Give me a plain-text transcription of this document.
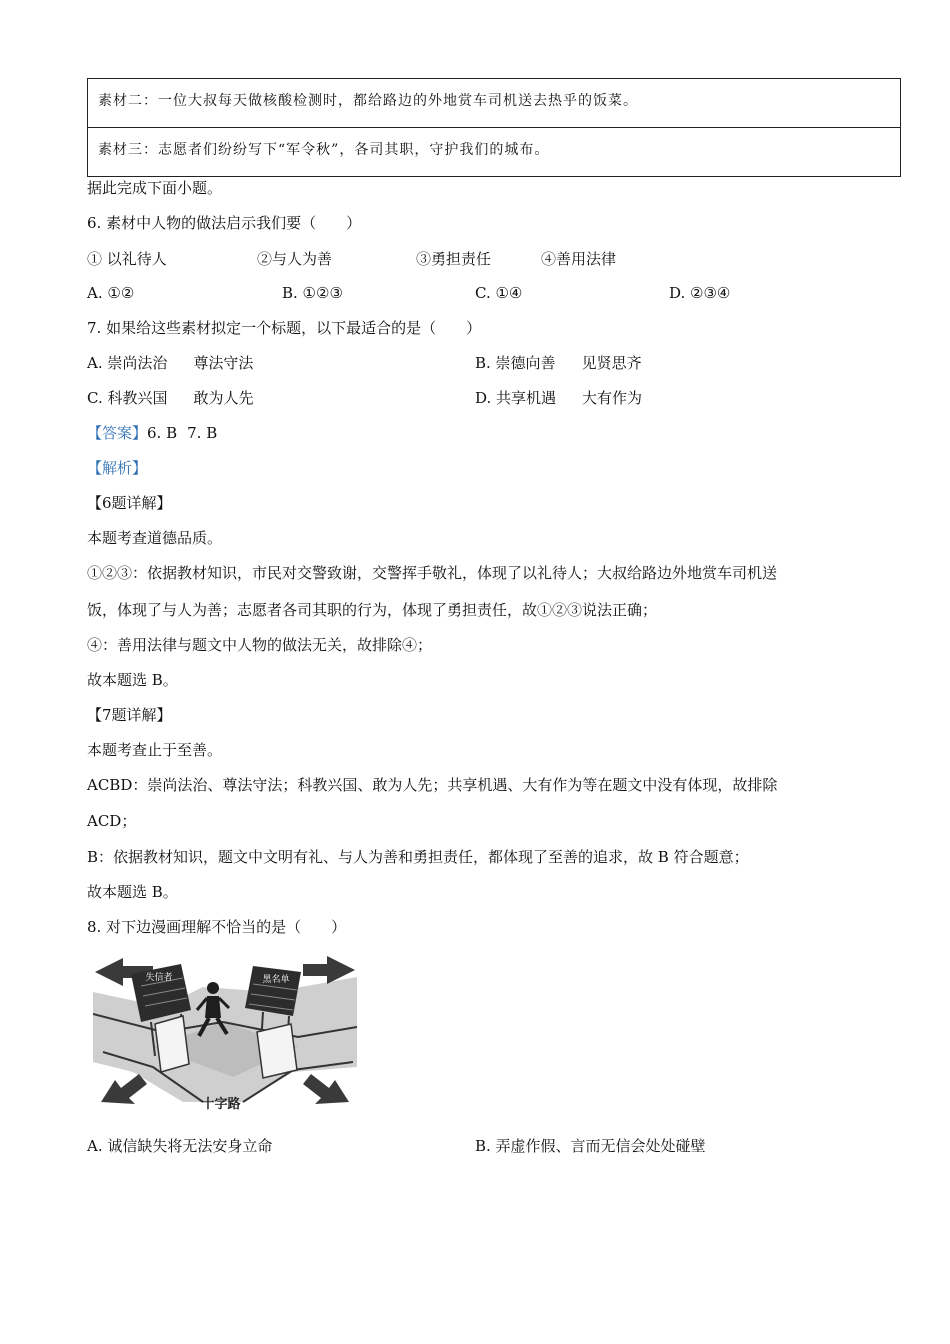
素材二：一位大叔每天做核酸检测时，都给路边的外地赏车司机送去热乎的饭菜。
素材三：志愿者们纷纷写下“军令秋”，各司其职，守护我们的城布。
据此完成下面小题。
6. 素材中人物的做法启示我们要（　　）
① 以礼待人	②与人为善	③勇担责任	④善用法律
A. ①②	B. ①②③	C. ①④	D. ②③④
7. 如果给这些素材拟定一个标题，以下最适合的是（　　）
A. 崇尚法治 尊法守法	B. 崇德向善 见贤思齐
C. 科教兴国 敢为人先	D. 共享机遇 大有作为
【答案】6. B 7. B
【解析】
【6题详解】
本题考查道德品质。
①②③：依据教材知识，市民对交警致谢，交警挥手敬礼，体现了以礼待人；大叔给路边外地赏车司机送
饭，体现了与人为善；志愿者各司其职的行为，体现了勇担责任，故①②③说法正确；
④：善用法律与题文中人物的做法无关，故排除④；
故本题选 B。
【7题详解】
本题考查止于至善。
ACBD：崇尚法治、尊法守法；科教兴国、敢为人先；共享机遇、大有作为等在题文中没有体现，故排除
ACD；
B：依据教材知识，题文中文明有礼、与人为善和勇担责任，都体现了至善的追求，故 B 符合题意；
故本题选 B。
8. 对下边漫画理解不恰当的是（　　）
失信者	黑名单
十字路
A. 诚信缺失将无法安身立命	B. 弄虚作假、言而无信会处处碰壁
